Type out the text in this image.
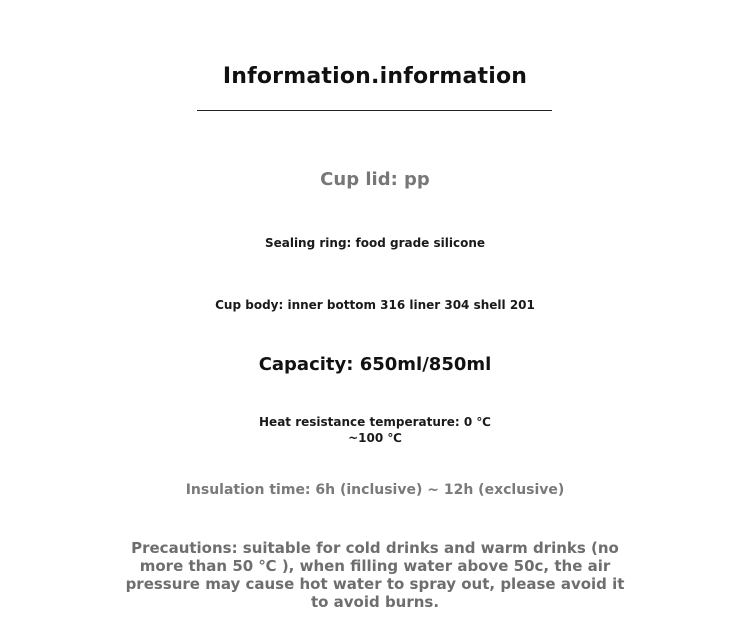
Information.information
Cup lid: pp
Sealing ring: food grade silicone
Cup body: inner bottom 316 liner 304 shell 201
Capacity: 650ml/850ml
Heat resistance temperature: 0 ℃
~100 ℃
Insulation time: 6h (inclusive) ~ 12h (exclusive)
Precautions: suitable for cold drinks and warm drinks (no more than 50 ℃ ), when filling water above 50c, the air pressure may cause hot water to spray out, please avoid it to avoid burns.
